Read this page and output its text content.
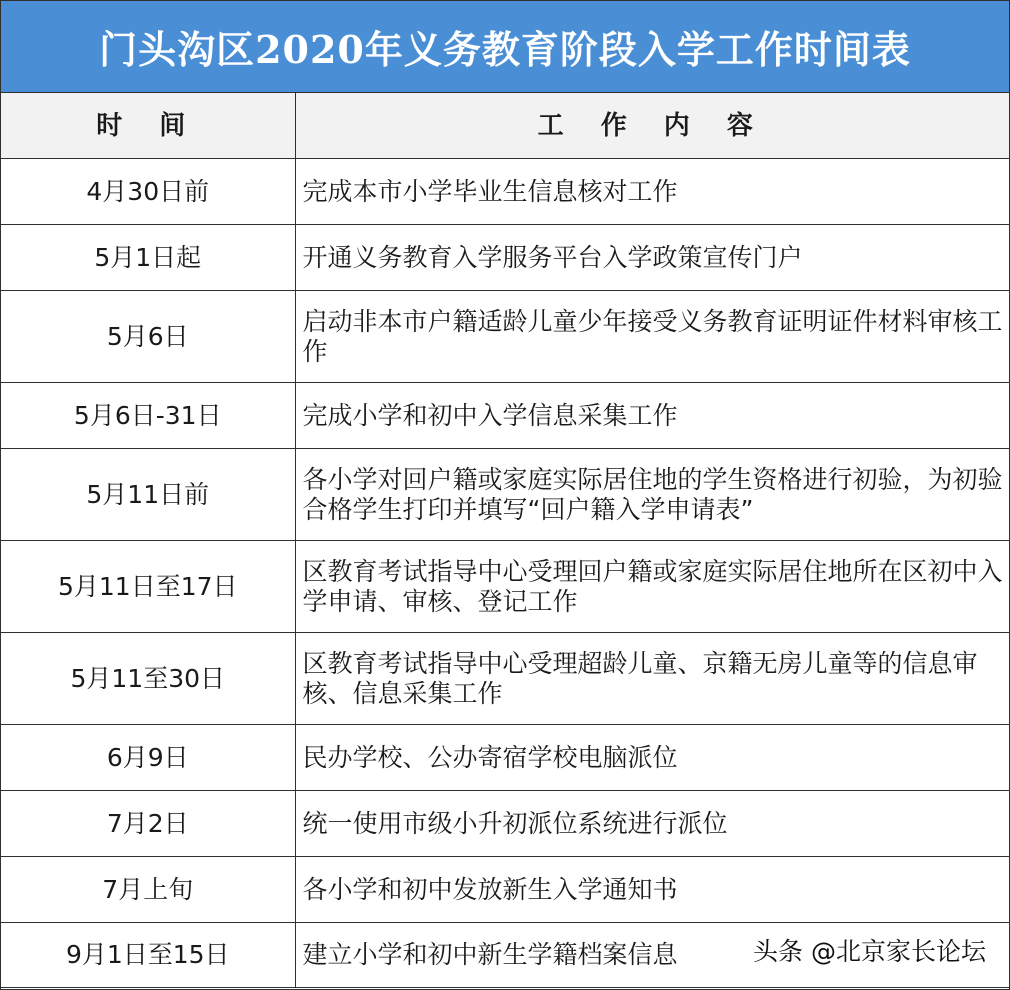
门头沟区2020年义务教育阶段入学工作时间表
时 间	工 作 内 容
4月30日前	完成本市小学毕业生信息核对工作
5月1日起	开通义务教育入学服务平台入学政策宣传门户
5月6日	启动非本市户籍适龄儿童少年接受义务教育证明证件材料审核工作
5月6日-31日	完成小学和初中入学信息采集工作
5月11日前	各小学对回户籍或家庭实际居住地的学生资格进行初验，为初验合格学生打印并填写“回户籍入学申请表”
5月11日至17日	区教育考试指导中心受理回户籍或家庭实际居住地所在区初中入学申请、审核、登记工作
5月11至30日	区教育考试指导中心受理超龄儿童、京籍无房儿童等的信息审核、信息采集工作
6月9日	民办学校、公办寄宿学校电脑派位
7月2日	统一使用市级小升初派位系统进行派位
7月上旬	各小学和初中发放新生入学通知书
9月1日至15日	建立小学和初中新生学籍档案信息	头条 @北京家长论坛
